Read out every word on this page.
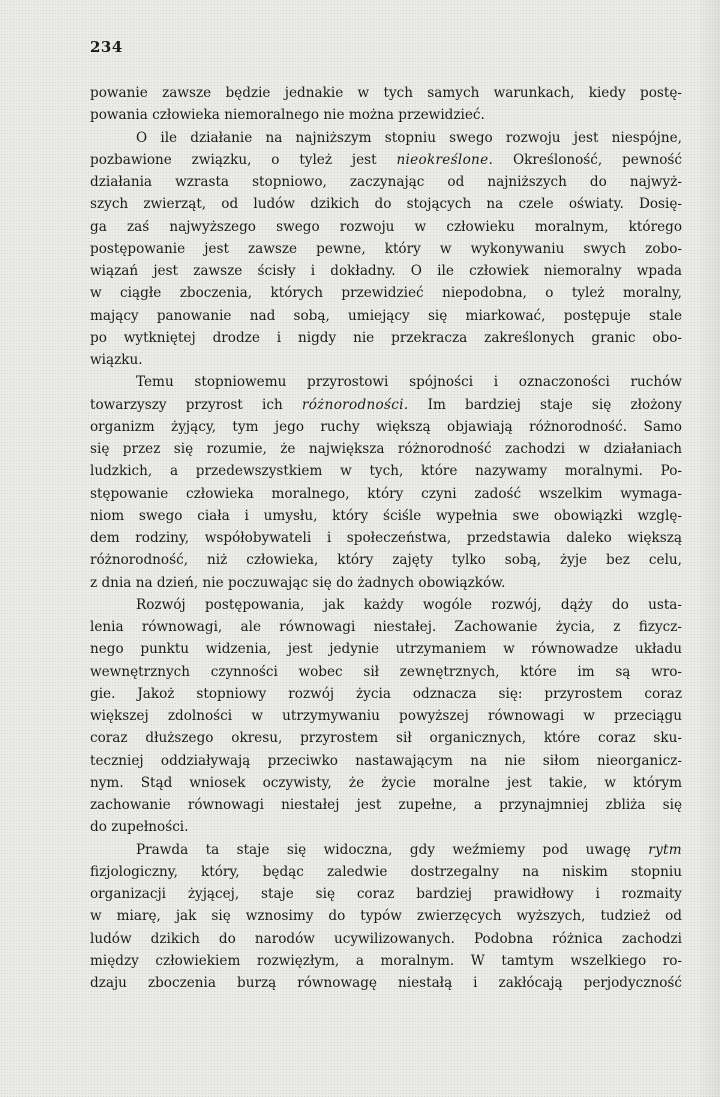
234

powanie zawsze będzie jednakie w tych samych warunkach, kiedy postę-

powania człowieka niemoralnego nie można przewidzieć.

O ile działanie na najniższym stopniu swego rozwoju jest niespójne,

pozbawione związku, o tyleż jest nieokreślone. Określoność, pewność

działania wzrasta stopniowo, zaczynając od najniższych do najwyż-

szych zwierząt, od ludów dzikich do stojących na czele oświaty. Dosię-

ga zaś najwyższego swego rozwoju w człowieku moralnym, którego

postępowanie jest zawsze pewne, który w wykonywaniu swych zobo-

wiązań jest zawsze ścisły i dokładny. O ile człowiek niemoralny wpada

w ciągłe zboczenia, których przewidzieć niepodobna, o tyleż moralny,

mający panowanie nad sobą, umiejący się miarkować, postępuje stale

po wytkniętej drodze i nigdy nie przekracza zakreślonych granic obo-

wiązku.

Temu stopniowemu przyrostowi spójności i oznaczoności ruchów

towarzyszy przyrost ich różnorodności. Im bardziej staje się złożony

organizm żyjący, tym jego ruchy większą objawiają różnorodność. Samo

się przez się rozumie, że największa różnorodność zachodzi w działaniach

ludzkich, a przedewszystkiem w tych, które nazywamy moralnymi. Po-

stępowanie człowieka moralnego, który czyni zadość wszelkim wymaga-

niom swego ciała i umysłu, który ściśle wypełnia swe obowiązki wzglę-

dem rodziny, współobywateli i społeczeństwa, przedstawia daleko większą

różnorodność, niż człowieka, który zajęty tylko sobą, żyje bez celu,

z dnia na dzień, nie poczuwając się do żadnych obowiązków.

Rozwój postępowania, jak każdy wogóle rozwój, dąży do usta-

lenia równowagi, ale równowagi niestałej. Zachowanie życia, z fizycz-

nego punktu widzenia, jest jedynie utrzymaniem w równowadze układu

wewnętrznych czynności wobec sił zewnętrznych, które im są wro-

gie. Jakoż stopniowy rozwój życia odznacza się: przyrostem coraz

większej zdolności w utrzymywaniu powyższej równowagi w przeciągu

coraz dłuższego okresu, przyrostem sił organicznych, które coraz sku-

teczniej oddziaływają przeciwko nastawającym na nie siłom nieorganicz-

nym. Stąd wniosek oczywisty, że życie moralne jest takie, w którym

zachowanie równowagi niestałej jest zupełne, a przynajmniej zbliża się

do zupełności.

Prawda ta staje się widoczna, gdy weźmiemy pod uwagę rytm

fizjologiczny, który, będąc zaledwie dostrzegalny na niskim stopniu

organizacji żyjącej, staje się coraz bardziej prawidłowy i rozmaity

w miarę, jak się wznosimy do typów zwierzęcych wyższych, tudzież od

ludów dzikich do narodów ucywilizowanych. Podobna różnica zachodzi

między człowiekiem rozwięzłym, a moralnym. W tamtym wszelkiego ro-

dzaju zboczenia burzą równowagę niestałą i zakłócają perjodyczność
